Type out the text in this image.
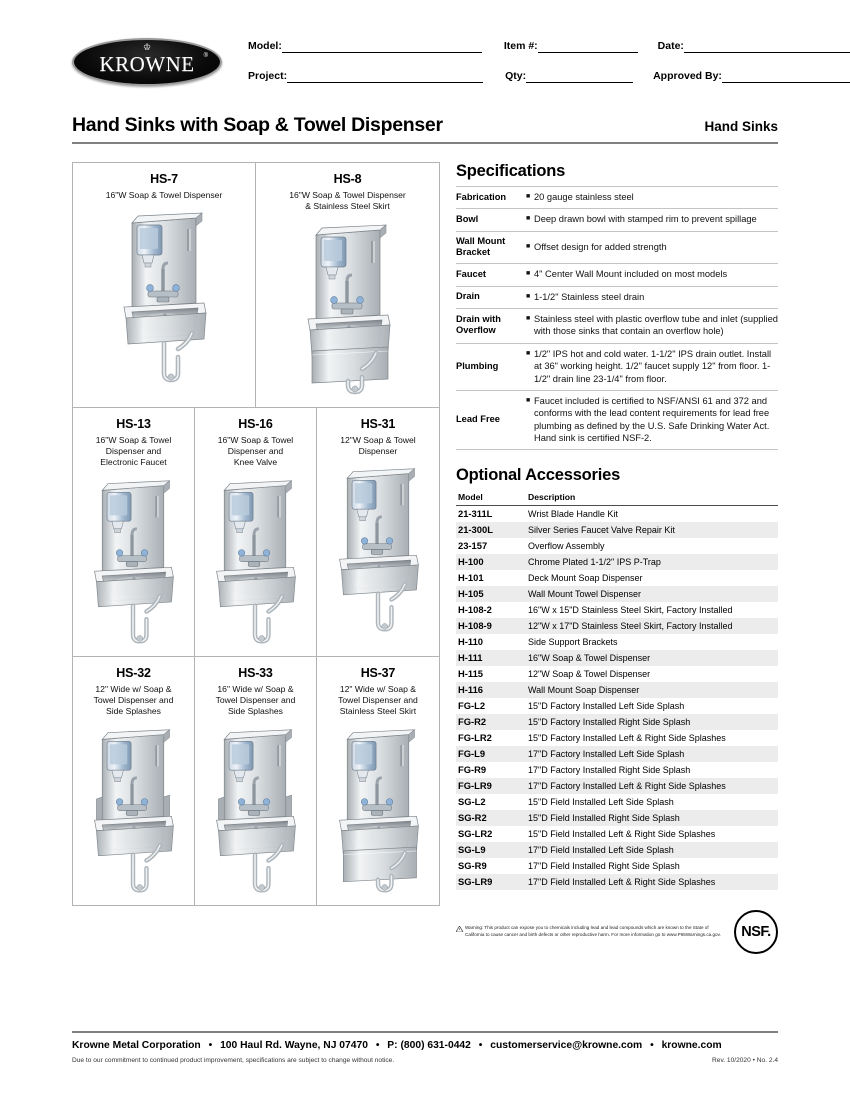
♔
KROWNE ®
Model:	Item #:	Date:
Project:	Qty:	Approved By:
Hand Sinks with Soap & Towel Dispenser	Hand Sinks
HS-7
16"W Soap & Towel Dispenser
HS-8
16"W Soap & Towel Dispenser
& Stainless Steel Skirt
HS-13
16"W Soap & Towel
Dispenser and
Electronic Faucet
HS-16
16"W Soap & Towel
Dispenser and
Knee Valve
HS-31
12"W Soap & Towel
Dispenser
HS-32
12" Wide w/ Soap &
Towel Dispenser and
Side Splashes
HS-33
16" Wide w/ Soap &
Towel Dispenser and
Side Splashes
HS-37
12" Wide w/ Soap &
Towel Dispenser and
Stainless Steel Skirt
Specifications
Fabrication	■ 20 gauge stainless steel

Bowl	■ Deep drawn bowl with stamped rim to prevent spillage

Wall Mount Bracket	■ Offset design for added strength

Faucet	■ 4" Center Wall Mount included on most models

Drain	■ 1-1/2" Stainless steel drain

Drain with Overflow	■ Stainless steel with plastic overflow tube and inlet (supplied with those sinks that contain an overflow hole)

Plumbing	■ 1/2" IPS hot and cold water. 1-1/2" IPS drain outlet. Install at 36" working height. 1/2" faucet supply 12" from floor. 1-1/2" drain line 23-1/4" from floor.

Lead Free	■ Faucet included is certified to NSF/ANSI 61 and 372 and conforms with the lead content requirements for lead free plumbing as defined by the U.S. Safe Drinking Water Act. Hand sink is certified NSF-2.
Optional Accessories
Model	Description
21-311L	Wrist Blade Handle Kit
21-300L	Silver Series Faucet Valve Repair Kit
23-157	Overflow Assembly
H-100	Chrome Plated 1-1/2" IPS P-Trap
H-101	Deck Mount Soap Dispenser
H-105	Wall Mount Towel Dispenser
H-108-2	16"W x 15"D Stainless Steel Skirt, Factory Installed
H-108-9	12"W x 17"D Stainless Steel Skirt, Factory Installed
H-110	Side Support Brackets
H-111	16"W Soap & Towel Dispenser
H-115	12"W Soap & Towel Dispenser
H-116	Wall Mount Soap Dispenser
FG-L2	15"D Factory Installed Left Side Splash
FG-R2	15"D Factory Installed Right Side Splash
FG-LR2	15"D Factory Installed Left & Right Side Splashes
FG-L9	17"D Factory Installed Left Side Splash
FG-R9	17"D Factory Installed Right Side Splash
FG-LR9	17"D Factory Installed Left & Right Side Splashes
SG-L2	15"D Field Installed Left Side Splash
SG-R2	15"D Field Installed Right Side Splash
SG-LR2	15"D Field Installed Left & Right Side Splashes
SG-L9	17"D Field Installed Left Side Splash
SG-R9	17"D Field Installed Right Side Splash
SG-LR9	17"D Field Installed Left & Right Side Splashes
Warning: This product can expose you to chemicals including lead and lead compounds which are known to the State of California to cause cancer and birth defects or other reproductive harm. For more information go to www.P65Warnings.ca.gov. NSF.
Krowne Metal Corporation • 100 Haul Rd. Wayne, NJ 07470 • P: (800) 631-0442 • customerservice@krowne.com • krowne.com
Due to our commitment to continued product improvement, specifications are subject to change without notice.	Rev. 10/2020 • No. 2.4
